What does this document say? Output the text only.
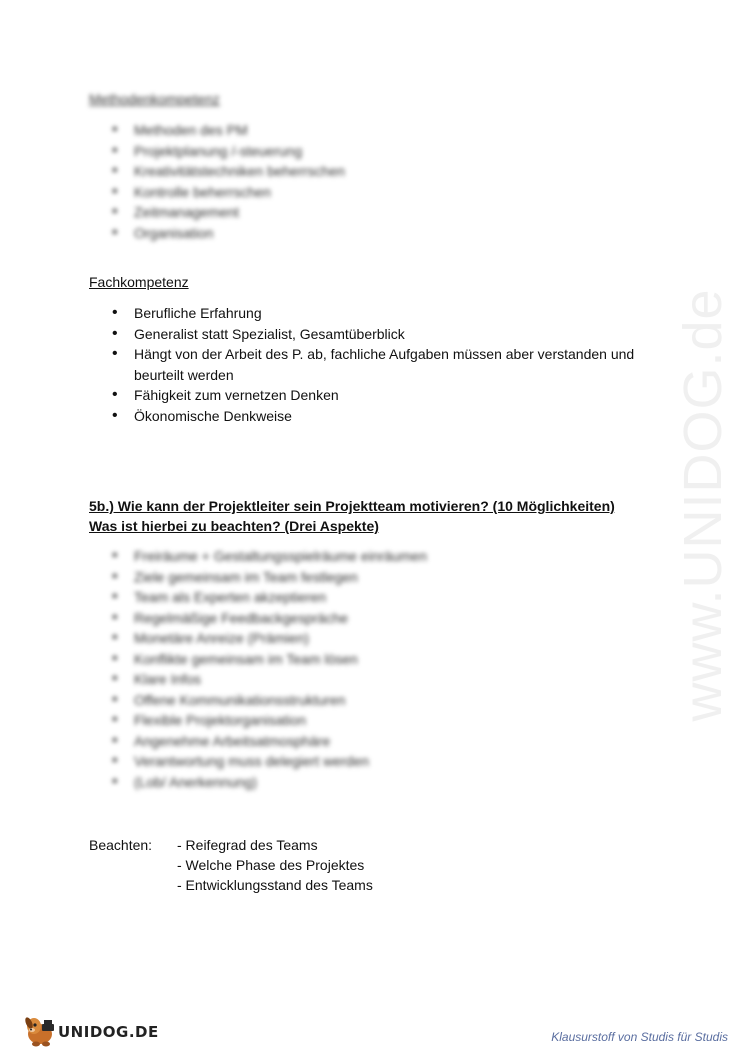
www.UNIDOG.de
Methodenkompetenz
• Methoden des PM
• Projektplanung /-steuerung
• Kreativitätstechniken beherrschen
• Kontrolle beherrschen
• Zeitmanagement
• Organisation
Fachkompetenz
• Berufliche Erfahrung
• Generalist statt Spezialist, Gesamtüberblick
• Hängt von der Arbeit des P. ab, fachliche Aufgaben müssen aber verstanden und beurteilt werden
• Fähigkeit zum vernetzen Denken
• Ökonomische Denkweise
5b.) Wie kann der Projektleiter sein Projektteam motivieren? (10 Möglichkeiten)
Was ist hierbei zu beachten? (Drei Aspekte)
• Freiräume + Gestaltungsspielräume einräumen
• Ziele gemeinsam im Team festlegen
• Team als Experten akzeptieren
• Regelmäßige Feedbackgespräche
• Monetäre Anreize (Prämien)
• Konflikte gemeinsam im Team lösen
• Klare Infos
• Offene Kommunikationsstrukturen
• Flexible Projektorganisation
• Angenehme Arbeitsatmosphäre
• Verantwortung muss delegiert werden
• (Lob/ Anerkennung)
Beachten:	- Reifegrad des Teams
- Welche Phase des Projektes
- Entwicklungsstand des Teams
UNIDOG.DE	Klausurstoff von Studis für Studis
